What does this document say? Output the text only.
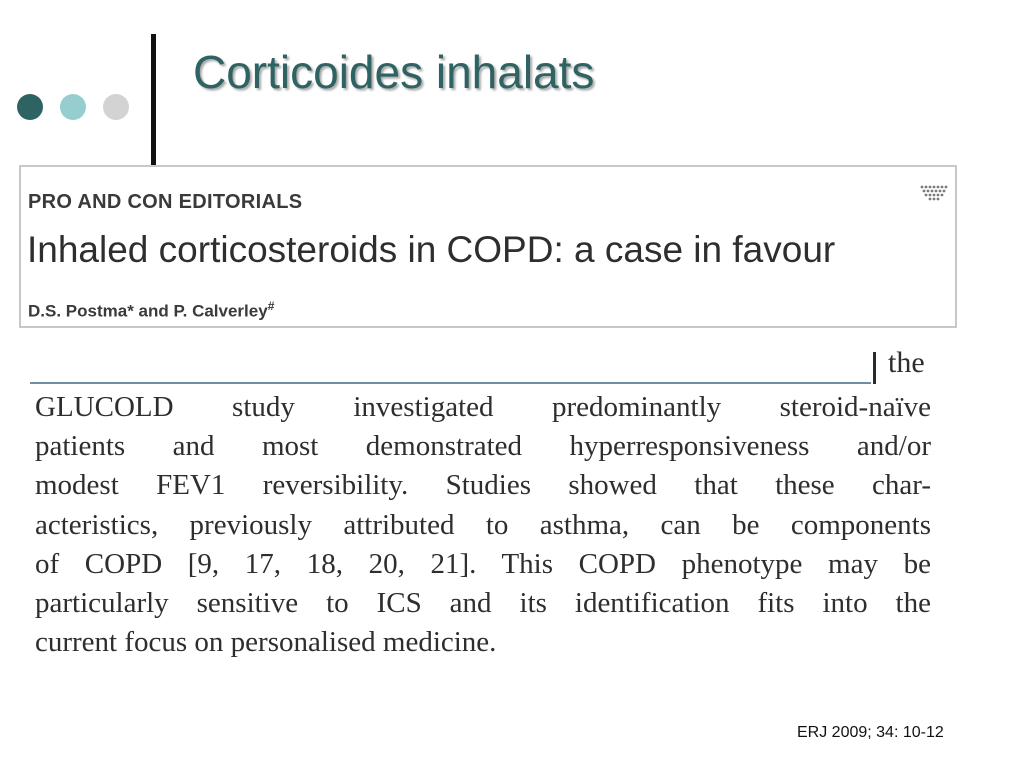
Corticoides inhalats
PRO AND CON EDITORIALS
Inhaled corticosteroids in COPD: a case in favour
D.S. Postma* and P. Calverley#
the
GLUCOLD study investigated predominantly steroid-naïve
patients and most demonstrated hyperresponsiveness and/or
modest FEV1 reversibility. Studies showed that these char-
acteristics, previously attributed to asthma, can be components
of COPD [9, 17, 18, 20, 21]. This COPD phenotype may be
particularly sensitive to ICS and its identification fits into the
current focus on personalised medicine.
ERJ 2009; 34: 10-12
